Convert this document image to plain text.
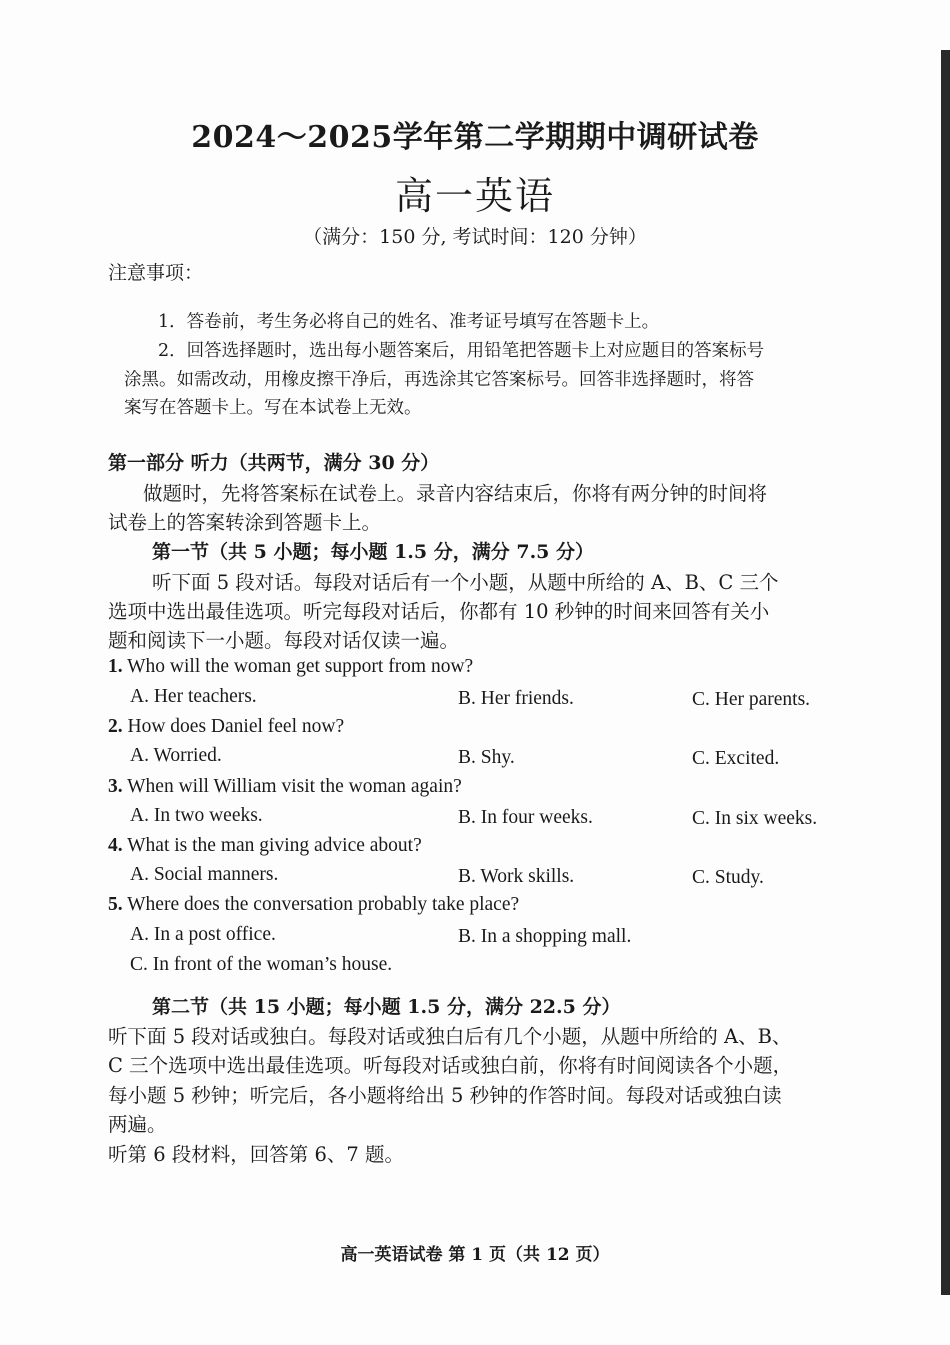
2024～2025学年第二学期期中调研试卷
高一英语
（满分：150 分, 考试时间：120 分钟）
注意事项：
1．答卷前，考生务必将自己的姓名、准考证号填写在答题卡上。
2．回答选择题时，选出每小题答案后，用铅笔把答题卡上对应题目的答案标号
涂黑。如需改动，用橡皮擦干净后，再选涂其它答案标号。回答非选择题时，将答
案写在答题卡上。写在本试卷上无效。
第一部分 听力（共两节，满分 30 分）
做题时，先将答案标在试卷上。录音内容结束后，你将有两分钟的时间将
试卷上的答案转涂到答题卡上。
第一节（共 5 小题；每小题 1.5 分，满分 7.5 分）
听下面 5 段对话。每段对话后有一个小题，从题中所给的 A、B、C 三个
选项中选出最佳选项。听完每段对话后，你都有 10 秒钟的时间来回答有关小
题和阅读下一小题。每段对话仅读一遍。
1. Who will the woman get support from now?
A. Her teachers.	B. Her friends.	C. Her parents.
2. How does Daniel feel now?
A. Worried.	B. Shy.	C. Excited.
3. When will William visit the woman again?
A. In two weeks.	B. In four weeks.	C. In six weeks.
4. What is the man giving advice about?
A. Social manners.	B. Work skills.	C. Study.
5. Where does the conversation probably take place?
A. In a post office.	B. In a shopping mall.
C. In front of the woman’s house.
第二节（共 15 小题；每小题 1.5 分，满分 22.5 分）
听下面 5 段对话或独白。每段对话或独白后有几个小题，从题中所给的 A、B、
C 三个选项中选出最佳选项。听每段对话或独白前，你将有时间阅读各个小题，
每小题 5 秒钟；听完后，各小题将给出 5 秒钟的作答时间。每段对话或独白读
两遍。
听第 6 段材料，回答第 6、7 题。
高一英语试卷 第 1 页（共 12 页）
